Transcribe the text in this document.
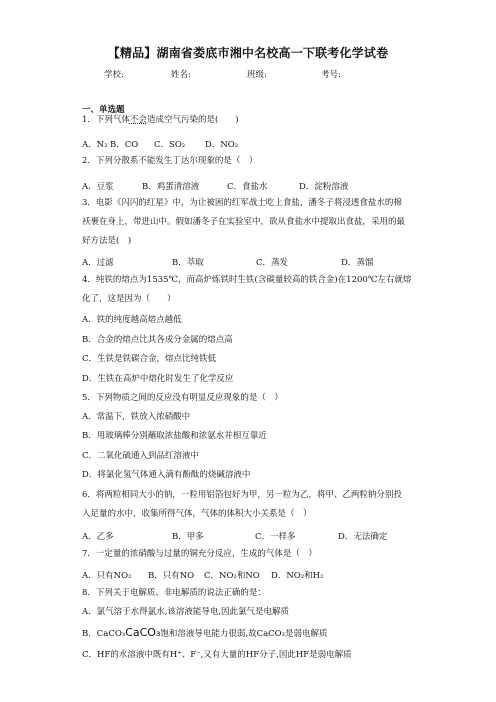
【精品】湖南省娄底市湘中名校高一下联考化学试卷
学校:	姓名:	班级:	考号:
一、单选题
1．下列气体不会造成空气污染的是(　　)
A．N₂ B．CO C．SO₂ D．NO₂
2．下列分散系不能发生丁达尔现象的是（　）
A．豆浆	B．鸡蛋清溶液	C．食盐水	D．淀粉溶液
3．电影《闪闪的红星》中，为让被困的红军战士吃上食盐，潘冬子将浸透食盐水的棉
袄裹在身上，带进山中。假如潘冬子在实验室中，欲从食盐水中提取出食盐，采用的最
好方法是(　)
A．过滤	B．萃取	C．蒸发	D．蒸馏
4．纯铁的熔点为1535℃，而高炉炼铁时生铁(含碳量较高的铁合金)在1200℃左右就熔
化了，这是因为（　　）
A．铁的纯度越高熔点越低
B．合金的熔点比其各成分金属的熔点高
C．生铁是铁碳合金，熔点比纯铁低
D．生铁在高炉中熔化时发生了化学反应
5．下列物质之间的反应没有明显反应现象的是（　）
A．常温下，铁放入浓硝酸中
B．用玻璃棒分别蘸取浓盐酸和浓氨水并相互靠近
C．二氧化硫通入到品红溶液中
D．将氯化氢气体通入滴有酚酞的烧碱溶液中
6．将两粒相同大小的钠，一粒用铝箔包好为甲，另一粒为乙，将甲、乙两粒钠分别投
入足量的水中，收集所得气体，气体的体积大小关系是（　）
A．乙多	B．甲多	C．一样多	D．无法确定
7．一定量的浓硝酸与过量的铜充分反应，生成的气体是（　）
A．只有NO₂ B．只有NO C．NO₂和NO D．NO₂和H₂
8．下列关于电解质、非电解质的说法正确的是：
A．氯气溶于水得氯水,该溶液能导电,因此氯气是电解质
B．CaCO₃CaCO₃饱和溶液导电能力很弱,故CaCO₃是弱电解质
C．HF的水溶液中既有H⁺、F⁻,又有大量的HF分子,因此HF是弱电解质
